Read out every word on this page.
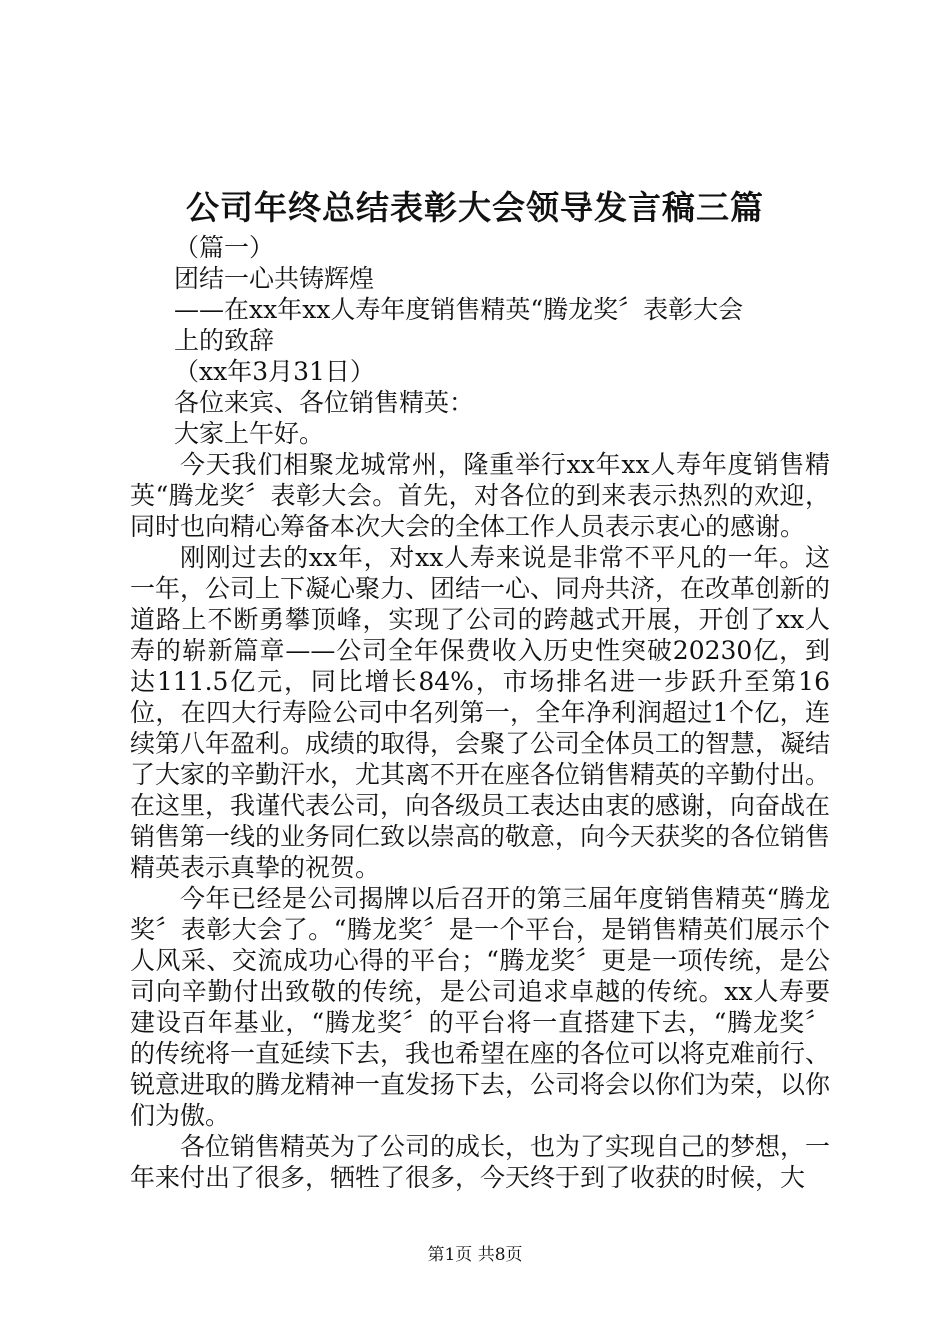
公司年终总结表彰大会领导发言稿三篇

（篇一）

团结一心共铸辉煌

——在xx年xx人寿年度销售精英“腾龙奖〞表彰大会

上的致辞

（xx年3月31日）

各位来宾、各位销售精英：

大家上午好。

今天我们相聚龙城常州，隆重举行xx年xx人寿年度销售精英“腾龙奖〞表彰大会。首先，对各位的到来表示热烈的欢迎，同时也向精心筹备本次大会的全体工作人员表示衷心的感谢。

刚刚过去的xx年，对xx人寿来说是非常不平凡的一年。这一年，公司上下凝心聚力、团结一心、同舟共济，在改革创新的道路上不断勇攀顶峰，实现了公司的跨越式开展，开创了xx人寿的崭新篇章——公司全年保费收入历史性突破20230亿，到达111.5亿元，同比增长84%，市场排名进一步跃升至第16位，在四大行寿险公司中名列第一，全年净利润超过1个亿，连续第八年盈利。成绩的取得，会聚了公司全体员工的智慧，凝结了大家的辛勤汗水，尤其离不开在座各位销售精英的辛勤付出。在这里，我谨代表公司，向各级员工表达由衷的感谢，向奋战在销售第一线的业务同仁致以崇高的敬意，向今天获奖的各位销售精英表示真挚的祝贺。

今年已经是公司揭牌以后召开的第三届年度销售精英“腾龙奖〞表彰大会了。“腾龙奖〞是一个平台，是销售精英们展示个人风采、交流成功心得的平台；“腾龙奖〞更是一项传统，是公司向辛勤付出致敬的传统，是公司追求卓越的传统。xx人寿要建设百年基业，“腾龙奖〞的平台将一直搭建下去，“腾龙奖〞的传统将一直延续下去，我也希望在座的各位可以将克难前行、锐意进取的腾龙精神一直发扬下去，公司将会以你们为荣，以你们为傲。

各位销售精英为了公司的成长，也为了实现自己的梦想，一年来付出了很多，牺牲了很多，今天终于到了收获的时候，大

第1页 共8页
